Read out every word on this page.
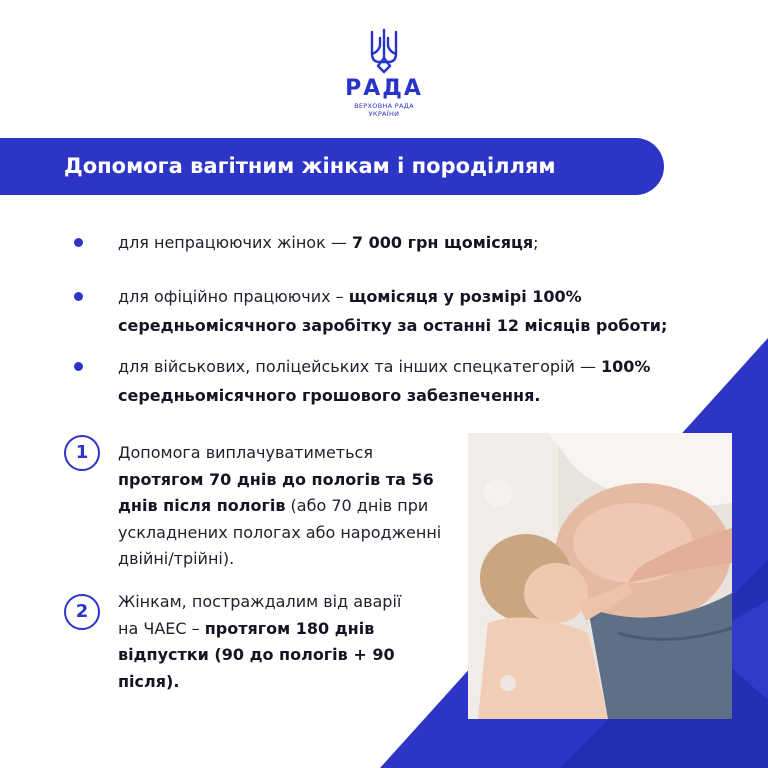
РАДА
ВЕРХОВНА РАДА
УКРАЇНИ
Допомога вагітним жінкам і породіллям
для непрацюючих жінок — 7 000 грн щомісяця;
для офіційно працюючих – щомісяця у розмірі 100% середньомісячного заробітку за останні 12 місяців роботи;
для військових, поліцейських та інших спецкатегорій — 100% середньомісячного грошового забезпечення.
1	Допомога виплачуватиметься протягом 70 днів до пологів та 56 днів після пологів (або 70 днів при ускладнених пологах або народженні двійні/трійні).
2	Жінкам, постраждалим від аварії на ЧАЕС – протягом 180 днів відпустки (90 до пологів + 90 після).
